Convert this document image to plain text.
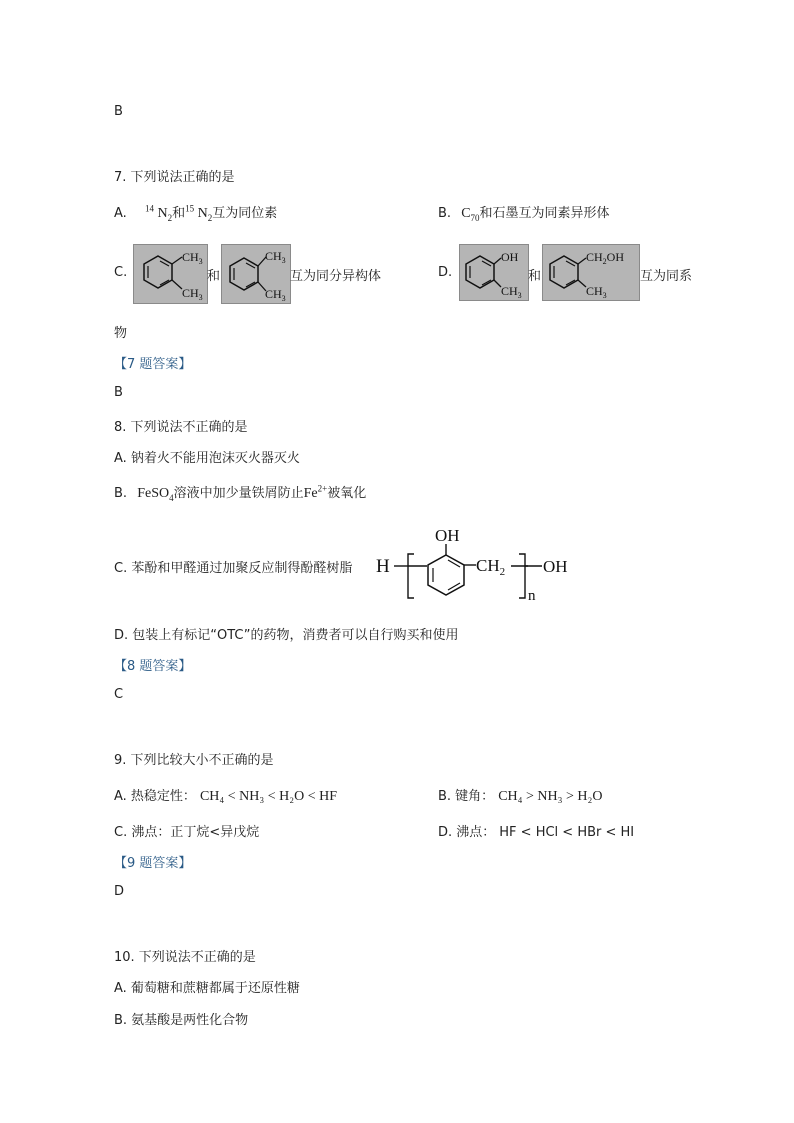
B
7. 下列说法正确的是
A. $^{14}$ $N_2$和$^{15}$ $N_2$互为同位素	B. $C_{70}$和石墨互为同素异形体
C.
$CH_3$
$CH_3$
和
$CH_3$
$CH_3$
互为同分异构体	D.
OH
$CH_3$
和
$CH_2OH$
$CH_3$
互为同系
物
【7 题答案】
B
8. 下列说法不正确的是
A. 钠着火不能用泡沫灭火器灭火
B. FeSO$_4$溶液中加少量铁屑防止$Fe^{2+}$被氧化
C. 苯酚和甲醛通过加聚反应制得酚醛树脂 H
OH
$CH_2$ OH
n
D. 包装上有标记“OTC”的药物，消费者可以自行购买和使用
【8 题答案】
C
9. 下列比较大小不正确的是
A. 热稳定性： CH₄ < NH₃ < H₂O < HF	B. 键角： CH₄ > NH₃ > H₂O
C. 沸点：正丁烷<异戊烷	D. 沸点： HF < HCl < HBr < HI
【9 题答案】
D
10. 下列说法不正确的是
A. 葡萄糖和蔗糖都属于还原性糖
B. 氨基酸是两性化合物
